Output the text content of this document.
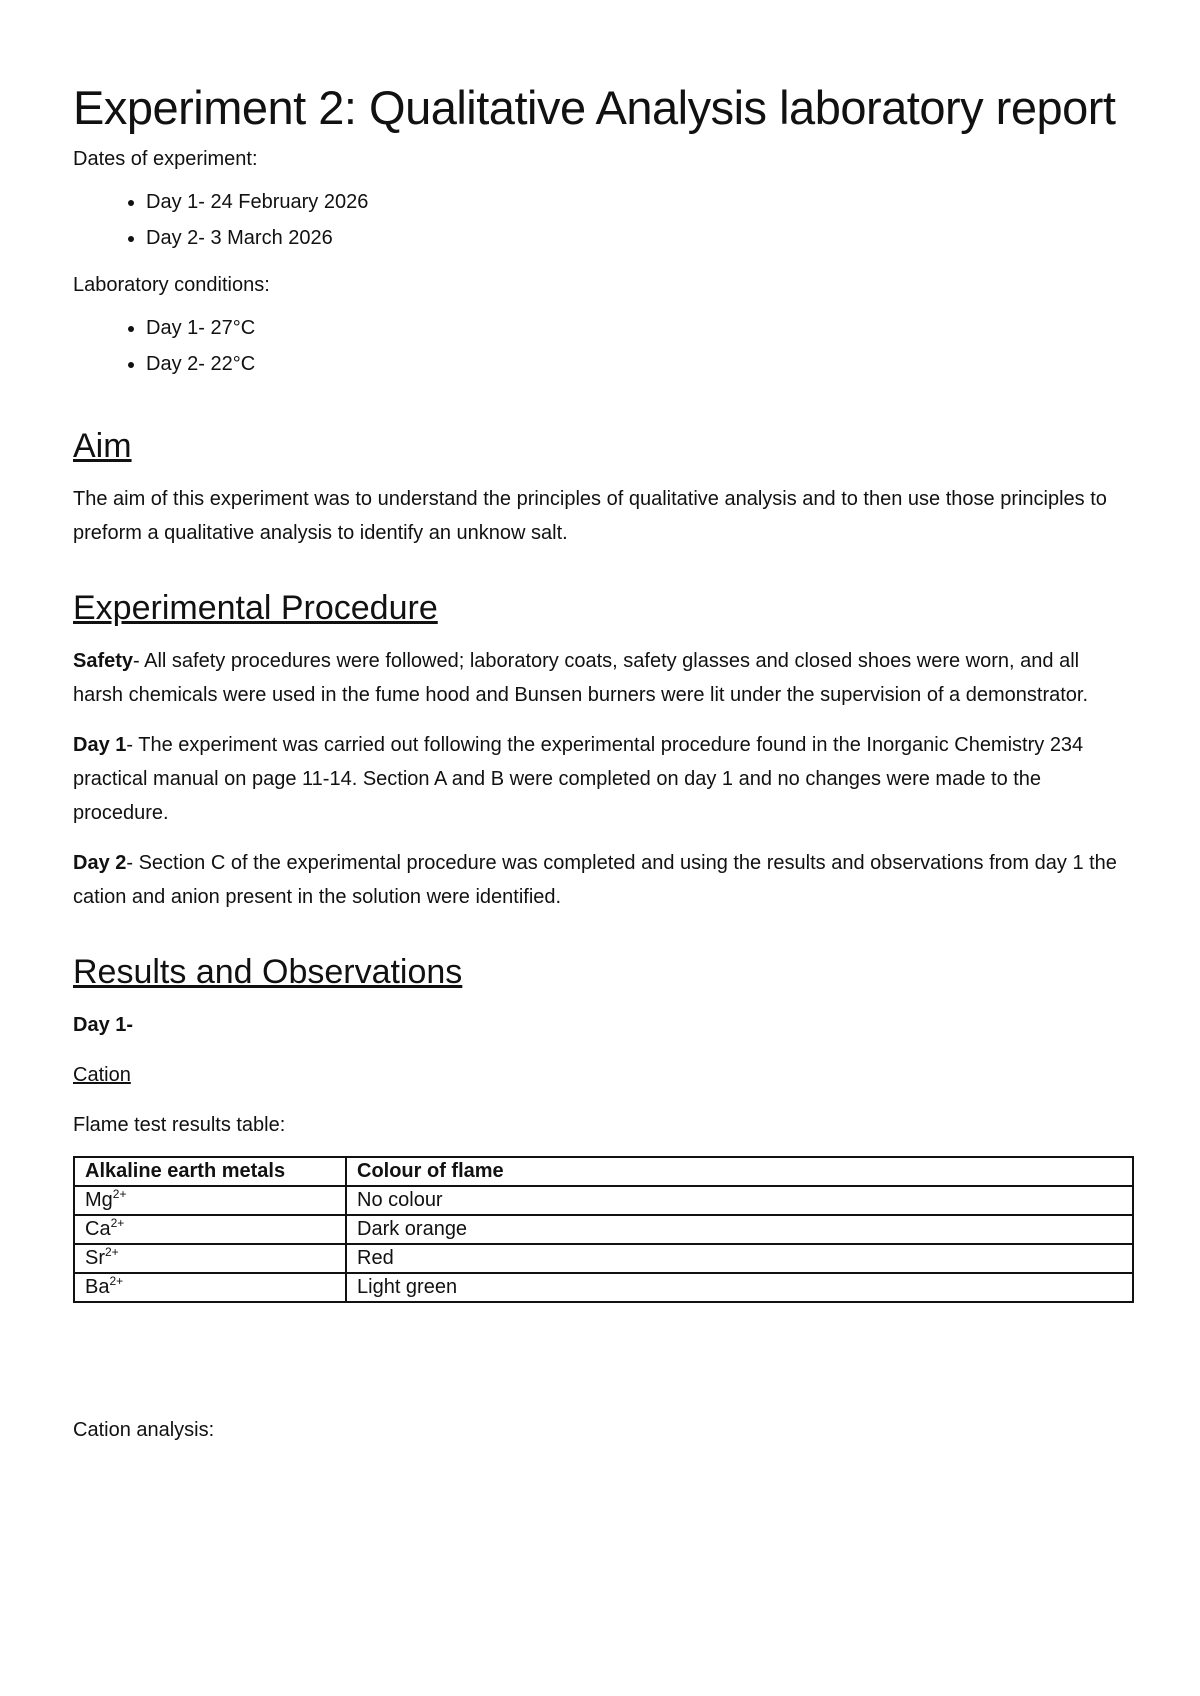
Experiment 2: Qualitative Analysis laboratory report

Dates of experiment:

• Day 1- 24 February 2026
• Day 2- 3 March 2026

Laboratory conditions:

• Day 1- 27°C
• Day 2- 22°C
Aim

The aim of this experiment was to understand the principles of qualitative analysis and to then use those principles to preform a qualitative analysis to identify an unknow salt.

Experimental Procedure

Safety- All safety procedures were followed; laboratory coats, safety glasses and closed shoes were worn, and all harsh chemicals were used in the fume hood and Bunsen burners were lit under the supervision of a demonstrator.

Day 1- The experiment was carried out following the experimental procedure found in the Inorganic Chemistry 234 practical manual on page 11-14. Section A and B were completed on day 1 and no changes were made to the procedure.

Day 2- Section C of the experimental procedure was completed and using the results and observations from day 1 the cation and anion present in the solution were identified.

Results and Observations

Day 1-

Cation

Flame test results table:

Alkaline earth metals	Colour of flame
$Mg^{2+}$	No colour
$Ca^{2+}$	Dark orange
$Sr^{2+}$	Red
$Ba^{2+}$	Light green

Cation analysis:
